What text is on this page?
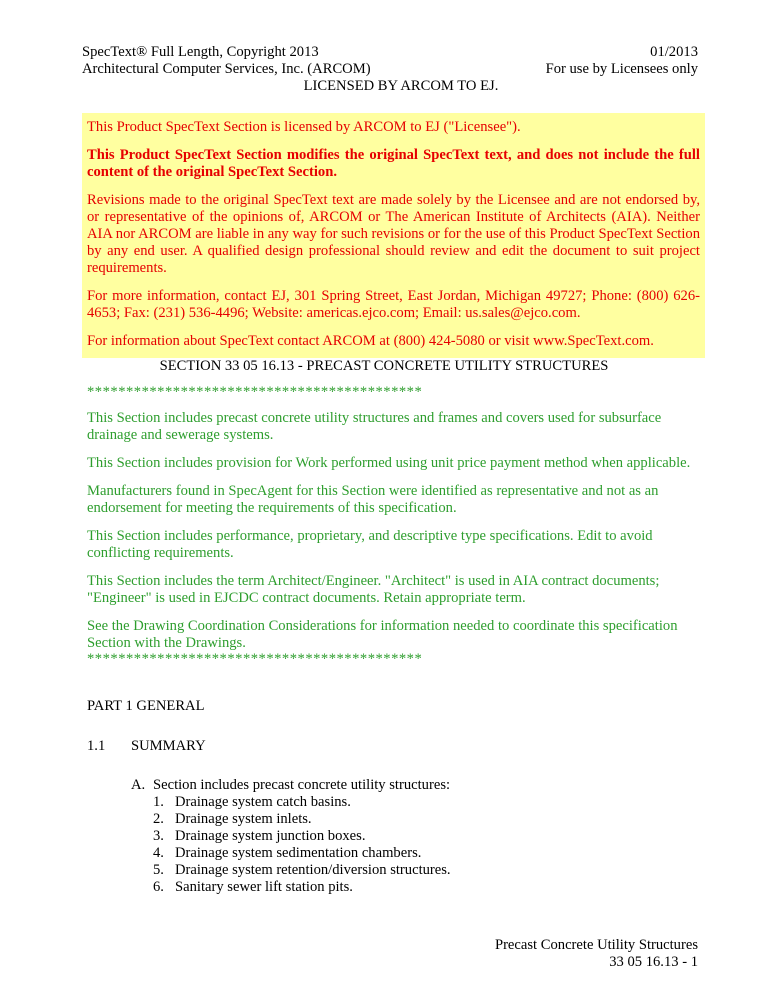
SpecText® Full Length, Copyright 2013
Architectural Computer Services, Inc. (ARCOM)
LICENSED BY ARCOM TO EJ.
01/2013
For use by Licensees only

This Product SpecText Section is licensed by ARCOM to EJ ("Licensee").

This Product SpecText Section modifies the original SpecText text, and does not include the full content of the original SpecText Section.

Revisions made to the original SpecText text are made solely by the Licensee and are not endorsed by, or representative of the opinions of, ARCOM or The American Institute of Architects (AIA). Neither AIA nor ARCOM are liable in any way for such revisions or for the use of this Product SpecText Section by any end user. A qualified design professional should review and edit the document to suit project requirements.

For more information, contact EJ, 301 Spring Street, East Jordan, Michigan 49727; Phone: (800) 626-4653; Fax: (231) 536-4496; Website: americas.ejco.com; Email: us.sales@ejco.com.

For information about SpecText contact ARCOM at (800) 424-5080 or visit www.SpecText.com.

SECTION 33 05 16.13 - PRECAST CONCRETE UTILITY STRUCTURES

*******************************************

This Section includes precast concrete utility structures and frames and covers used for subsurface drainage and sewerage systems.

This Section includes provision for Work performed using unit price payment method when applicable.

Manufacturers found in SpecAgent for this Section were identified as representative and not as an endorsement for meeting the requirements of this specification.

This Section includes performance, proprietary, and descriptive type specifications. Edit to avoid conflicting requirements.

This Section includes the term Architect/Engineer. "Architect" is used in AIA contract documents; "Engineer" is used in EJCDC contract documents. Retain appropriate term.

See the Drawing Coordination Considerations for information needed to coordinate this specification Section with the Drawings.

*******************************************

PART 1 GENERAL
1.1 SUMMARY
A. Section includes precast concrete utility structures:
1. Drainage system catch basins.
2. Drainage system inlets.
3. Drainage system junction boxes.
4. Drainage system sedimentation chambers.
5. Drainage system retention/diversion structures.
6. Sanitary sewer lift station pits.
Precast Concrete Utility Structures
33 05 16.13 - 1
